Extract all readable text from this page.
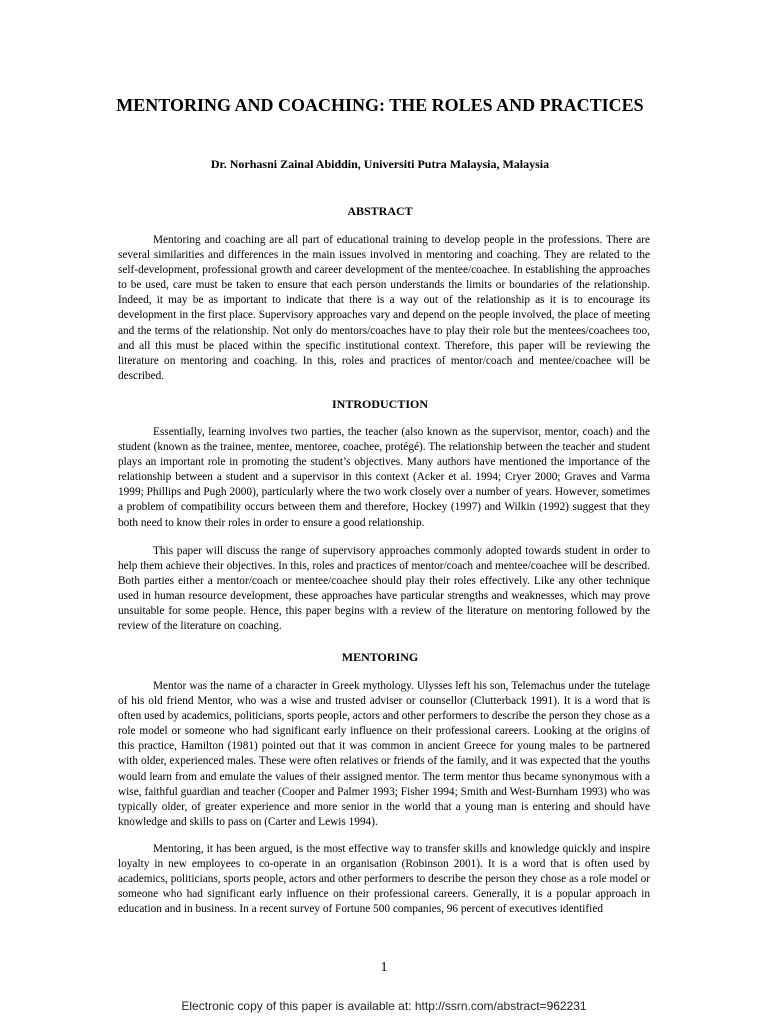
MENTORING AND COACHING: THE ROLES AND PRACTICES

Dr. Norhasni Zainal Abiddin, Universiti Putra Malaysia, Malaysia

ABSTRACT

Mentoring and coaching are all part of educational training to develop people in the professions. There are several similarities and differences in the main issues involved in mentoring and coaching. They are related to the self-development, professional growth and career development of the mentee/coachee. In establishing the approaches to be used, care must be taken to ensure that each person understands the limits or boundaries of the relationship. Indeed, it may be as important to indicate that there is a way out of the relationship as it is to encourage its development in the first place. Supervisory approaches vary and depend on the people involved, the place of meeting and the terms of the relationship. Not only do mentors/coaches have to play their role but the mentees/coachees too, and all this must be placed within the specific institutional context. Therefore, this paper will be reviewing the literature on mentoring and coaching. In this, roles and practices of mentor/coach and mentee/coachee will be described.

INTRODUCTION

Essentially, learning involves two parties, the teacher (also known as the supervisor, mentor, coach) and the student (known as the trainee, mentee, mentoree, coachee, protégé). The relationship between the teacher and student plays an important role in promoting the student’s objectives. Many authors have mentioned the importance of the relationship between a student and a supervisor in this context (Acker et al. 1994; Cryer 2000; Graves and Varma 1999; Phillips and Pugh 2000), particularly where the two work closely over a number of years. However, sometimes a problem of compatibility occurs between them and therefore, Hockey (1997) and Wilkin (1992) suggest that they both need to know their roles in order to ensure a good relationship.

This paper will discuss the range of supervisory approaches commonly adopted towards student in order to help them achieve their objectives. In this, roles and practices of mentor/coach and mentee/coachee will be described. Both parties either a mentor/coach or mentee/coachee should play their roles effectively. Like any other technique used in human resource development, these approaches have particular strengths and weaknesses, which may prove unsuitable for some people. Hence, this paper begins with a review of the literature on mentoring followed by the review of the literature on coaching.

MENTORING

Mentor was the name of a character in Greek mythology. Ulysses left his son, Telemachus under the tutelage of his old friend Mentor, who was a wise and trusted adviser or counsellor (Clutterback 1991). It is a word that is often used by academics, politicians, sports people, actors and other performers to describe the person they chose as a role model or someone who had significant early influence on their professional careers. Looking at the origins of this practice, Hamilton (1981) pointed out that it was common in ancient Greece for young males to be partnered with older, experienced males. These were often relatives or friends of the family, and it was expected that the youths would learn from and emulate the values of their assigned mentor. The term mentor thus became synonymous with a wise, faithful guardian and teacher (Cooper and Palmer 1993; Fisher 1994; Smith and West-Burnham 1993) who was typically older, of greater experience and more senior in the world that a young man is entering and should have knowledge and skills to pass on (Carter and Lewis 1994).

Mentoring, it has been argued, is the most effective way to transfer skills and knowledge quickly and inspire loyalty in new employees to co-operate in an organisation (Robinson 2001). It is a word that is often used by academics, politicians, sports people, actors and other performers to describe the person they chose as a role model or someone who had significant early influence on their professional careers. Generally, it is a popular approach in education and in business. In a recent survey of Fortune 500 companies, 96 percent of executives identified

1

Electronic copy of this paper is available at: http://ssrn.com/abstract=962231
